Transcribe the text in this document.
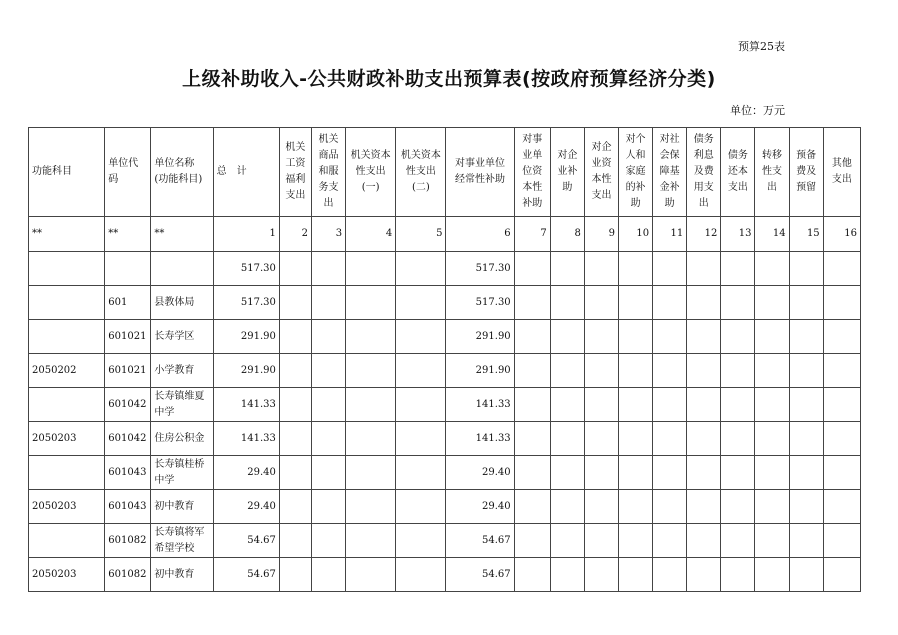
预算25表
上级补助收入-公共财政补助支出预算表(按政府预算经济分类)
单位：万元
功能科目	单位代码	单位名称
(功能科目)	总　计	机关
工资
福利
支出	机关
商品
和服
务支
出	机关资本
性支出
(一)	机关资本
性支出
(二)	对事业单位
经常性补助	对事
业单
位资
本性
补助	对企
业补
助	对企
业资
本性
支出	对个
人和
家庭
的补
助	对社
会保
障基
金补
助	债务
利息
及费
用支
出	债务
还本
支出	转移
性支
出	预备
费及
预留	其他
支出

**	**	**	1	2	3	4	5	6	7	8	9	10	11	12	13	14	15	16
			517.30					517.30										
	601	县教体局	517.30					517.30										
	601021	长寿学区	291.90					291.90										
2050202	601021	小学教育	291.90					291.90										
	601042	长寿镇维夏中学	141.33					141.33										
2050203	601042	住房公积金	141.33					141.33										
	601043	长寿镇桂桥中学	29.40					29.40										
2050203	601043	初中教育	29.40					29.40										
	601082	长寿镇将军希望学校	54.67					54.67										
2050203	601082	初中教育	54.67					54.67										
